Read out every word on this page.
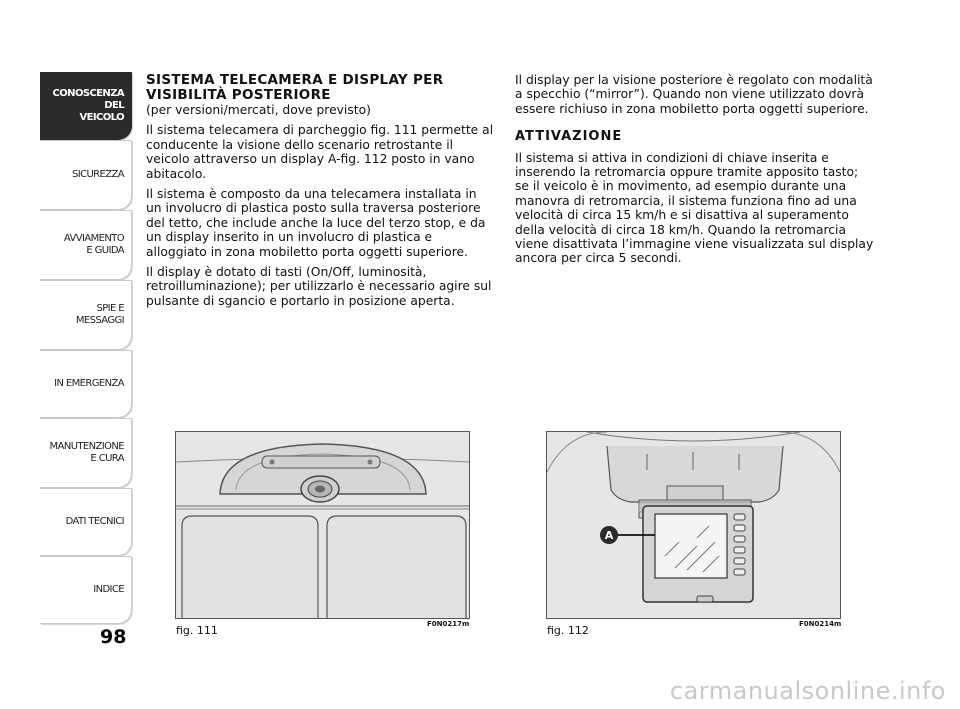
CONOSCENZA
DEL
VEICOLO
SICUREZZA
AVVIAMENTO
E GUIDA
SPIE E
MESSAGGI
IN EMERGENZA
MANUTENZIONE
E CURA
DATI TECNICI
INDICE
98

SISTEMA TELECAMERA E DISPLAY PER VISIBILITÀ POSTERIORE

(per versioni/mercati, dove previsto)

Il sistema telecamera di parcheggio fig. 111 permette al conducente la visione dello scenario retrostante il veicolo attraverso un display A-fig. 112 posto in vano abitacolo.

Il sistema è composto da una telecamera installata in un involucro di plastica posto sulla traversa posteriore del tetto, che include anche la luce del terzo stop, e da un display inserito in un involucro di plastica e alloggiato in zona mobiletto porta oggetti superiore.

Il display è dotato di tasti (On/Off, luminosità, retroilluminazione); per utilizzarlo è necessario agire sul pulsante di sgancio e portarlo in posizione aperta.

Il display per la visione posteriore è regolato con modalità a specchio (“mirror”). Quando non viene utilizzato dovrà essere richiuso in zona mobiletto porta oggetti superiore.

ATTIVAZIONE

Il sistema si attiva in condizioni di chiave inserita e inserendo la retromarcia oppure tramite apposito tasto; se il veicolo è in movimento, ad esempio durante una manovra di retromarcia, il sistema funziona fino ad una velocità di circa 15 km/h e si disattiva al superamento della velocità di circa 18 km/h. Quando la retromarcia viene disattivata l’immagine viene visualizzata sul display ancora per circa 5 secondi.

fig. 111	F0N0217m
A
fig. 112	F0N0214m
carmanualsonline.info
